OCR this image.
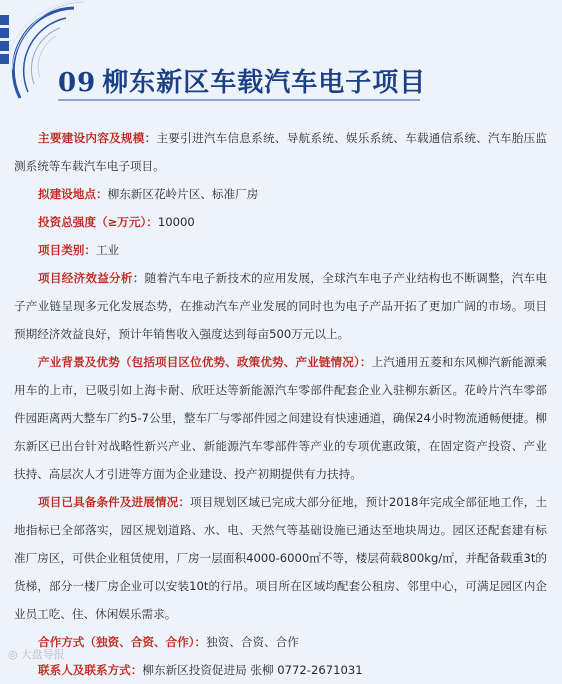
09 柳东新区车载汽车电子项目

主要建设内容及规模：主要引进汽车信息系统、导航系统、娱乐系统、车载通信系统、汽车胎压监测系统等车载汽车电子项目。

拟建设地点：柳东新区花岭片区、标准厂房

投资总强度（≥万元）：10000

项目类别：工业

项目经济效益分析：随着汽车电子新技术的应用发展，全球汽车电子产业结构也不断调整，汽车电子产业链呈现多元化发展态势，在推动汽车产业发展的同时也为电子产品开拓了更加广阔的市场。项目预期经济效益良好，预计年销售收入强度达到每亩500万元以上。

产业背景及优势（包括项目区位优势、政策优势、产业链情况）：上汽通用五菱和东风柳汽新能源乘用车的上市，已吸引如上海卡耐、欣旺达等新能源汽车零部件配套企业入驻柳东新区。花岭片汽车零部件园距离两大整车厂约5-7公里，整车厂与零部件园之间建设有快速通道，确保24小时物流通畅便捷。柳东新区已出台针对战略性新兴产业、新能源汽车零部件等产业的专项优惠政策，在固定资产投资、产业扶持、高层次人才引进等方面为企业建设、投产初期提供有力扶持。

项目已具备条件及进展情况：项目规划区域已完成大部分征地，预计2018年完成全部征地工作，土地指标已全部落实，园区规划道路、水、电、天然气等基础设施已通达至地块周边。园区还配套建有标准厂房区，可供企业租赁使用，厂房一层面积4000-6000㎡不等，楼层荷载800kg/㎡，并配备载重3t的货梯，部分一楼厂房企业可以安装10t的行吊。项目所在区域均配套公租房、邻里中心，可满足园区内企业员工吃、住、休闲娱乐需求。

合作方式（独资、合资、合作）：独资、合资、合作

联系人及联系方式：柳东新区投资促进局 张柳 0772-2671031

◎ 大盘导报
